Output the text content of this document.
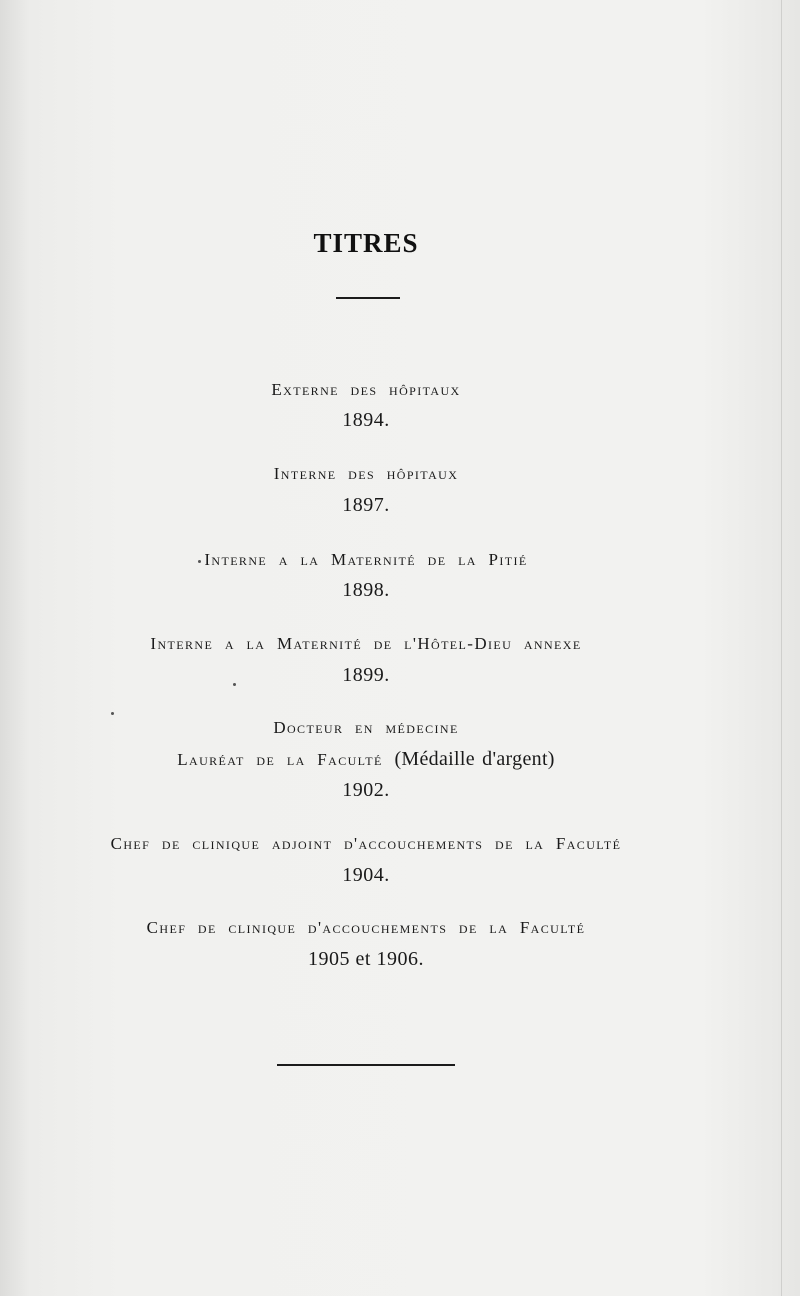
TITRES
Externe des hôpitaux
1894.
Interne des hôpitaux
1897.
Interne a la Maternité de la Pitié
1898.
Interne a la Maternité de l'Hôtel-Dieu annexe
1899.
Docteur en médecine
Lauréat de la Faculté (Médaille d'argent)
1902.
Chef de clinique adjoint d'accouchements de la Faculté
1904.
Chef de clinique d'accouchements de la Faculté
1905 et 1906.
